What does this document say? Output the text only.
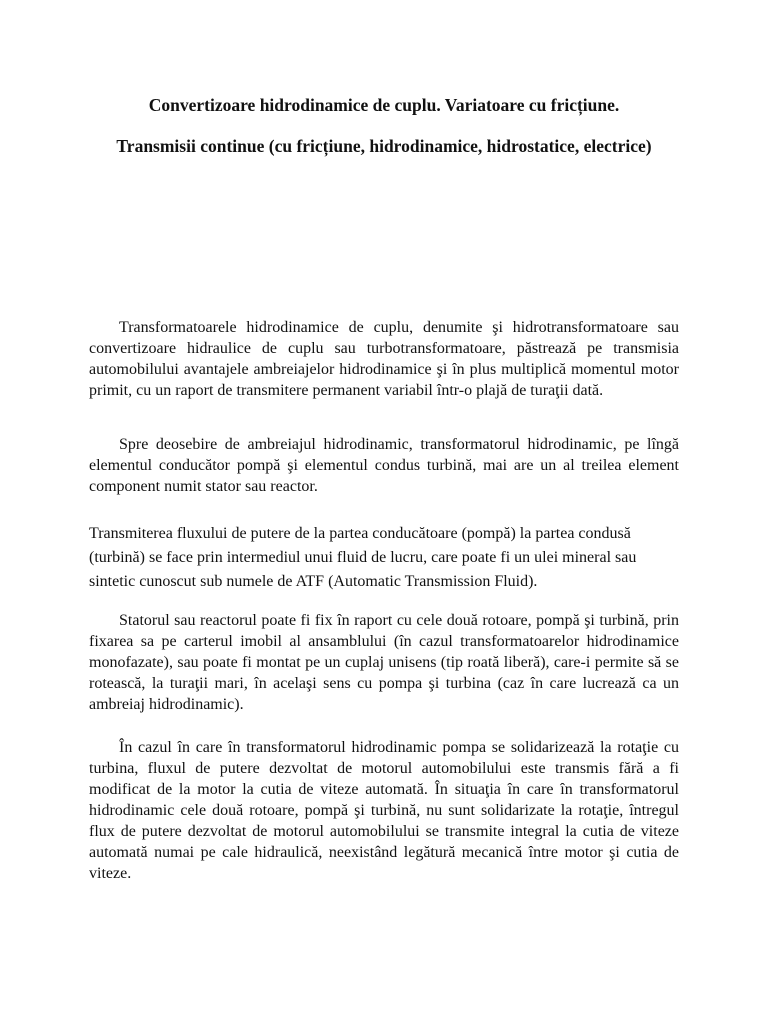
Convertizoare hidrodinamice de cuplu. Variatoare cu fricțiune.
Transmisii continue (cu fricțiune, hidrodinamice, hidrostatice, electrice)

Transformatoarele hidrodinamice de cuplu, denumite şi hidrotransformatoare sau convertizoare hidraulice de cuplu sau turbotransformatoare, păstrează pe transmisia automobilului avantajele ambreiajelor hidrodinamice şi în plus multiplică momentul motor primit, cu un raport de transmitere permanent variabil într-o plajă de turaţii dată.

Spre deosebire de ambreiajul hidrodinamic, transformatorul hidrodinamic, pe lîngă elementul conducător pompă şi elementul condus turbină, mai are un al treilea element component numit stator sau reactor.

Transmiterea fluxului de putere de la partea conducătoare (pompă) la partea condusă (turbină) se face prin intermediul unui fluid de lucru, care poate fi un ulei mineral sau sintetic cunoscut sub numele de ATF (Automatic Transmission Fluid).

Statorul sau reactorul poate fi fix în raport cu cele două rotoare, pompă şi turbină, prin fixarea sa pe carterul imobil al ansamblului (în cazul transformatoarelor hidrodinamice monofazate), sau poate fi montat pe un cuplaj unisens (tip roată liberă), care-i permite să se rotească, la turaţii mari, în acelaşi sens cu pompa şi turbina (caz în care lucrează ca un ambreiaj hidrodinamic).

În cazul în care în transformatorul hidrodinamic pompa se solidarizează la rotaţie cu turbina, fluxul de putere dezvoltat de motorul automobilului este transmis fără a fi modificat de la motor la cutia de viteze automată. În situaţia în care în transformatorul hidrodinamic cele două rotoare, pompă şi turbină, nu sunt solidarizate la rotaţie, întregul flux de putere dezvoltat de motorul automobilului se transmite integral la cutia de viteze automată numai pe cale hidraulică, neexistând legătură mecanică între motor şi cutia de viteze.
